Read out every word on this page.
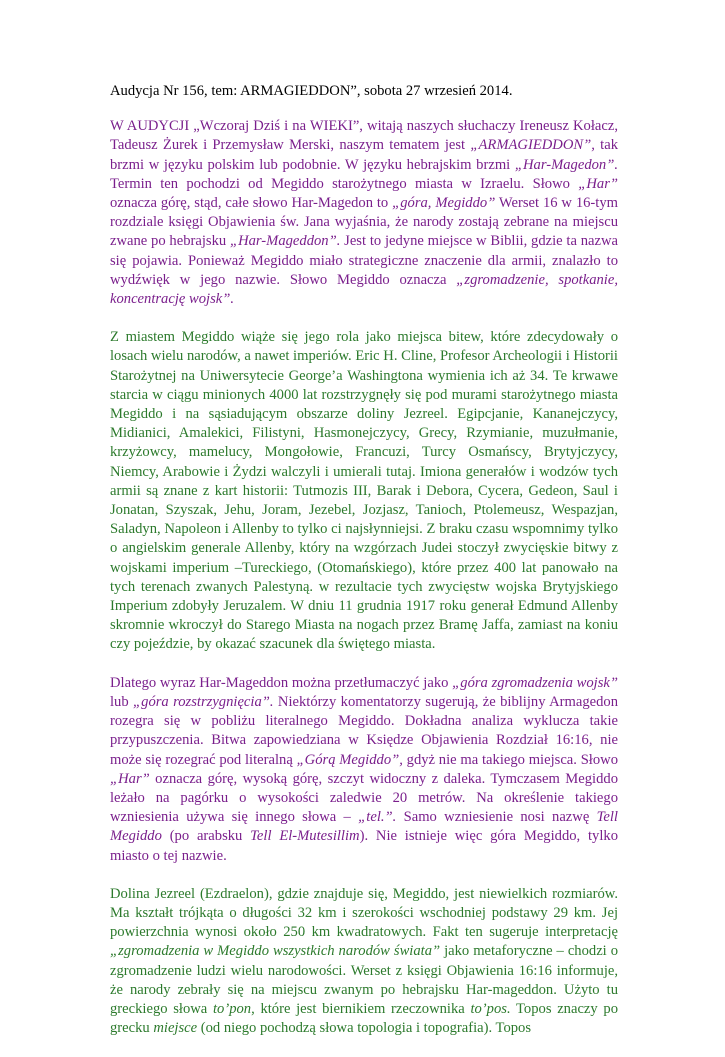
Audycja Nr 156, tem: ARMAGIEDDON”, sobota 27 wrzesień 2014.
W AUDYCJI „Wczoraj Dziś i na WIEKI”, witają naszych słuchaczy Ireneusz Kołacz, Tadeusz Żurek i Przemysław Merski, naszym tematem jest „ARMAGIEDDON”, tak brzmi w języku polskim lub podobnie. W języku hebrajskim brzmi „Har-Magedon”. Termin ten pochodzi od Megiddo starożytnego miasta w Izraelu. Słowo „Har” oznacza górę, stąd, całe słowo Har-Magedon to „góra, Megiddo” Werset 16 w 16-tym rozdziale księgi Objawienia św. Jana wyjaśnia, że narody zostają zebrane na miejscu zwane po hebrajsku „Har-Mageddon”. Jest to jedyne miejsce w Biblii, gdzie ta nazwa się pojawia. Ponieważ Megiddo miało strategiczne znaczenie dla armii, znalazło to wydźwięk w jego nazwie. Słowo Megiddo oznacza „zgromadzenie, spotkanie, koncentrację wojsk”.
Z miastem Megiddo wiąże się jego rola jako miejsca bitew, które zdecydowały o losach wielu narodów, a nawet imperiów. Eric H. Cline, Profesor Archeologii i Historii Starożytnej na Uniwersytecie George’a Washingtona wymienia ich aż 34. Te krwawe starcia w ciągu minionych 4000 lat rozstrzygnęły się pod murami starożytnego miasta Megiddo i na sąsiadującym obszarze doliny Jezreel. Egipcjanie, Kananejczycy, Midianici, Amalekici, Filistyni, Hasmonejczycy, Grecy, Rzymianie, muzułmanie, krzyżowcy, mamelucy, Mongołowie, Francuzi, Turcy Osmańscy, Brytyjczycy, Niemcy, Arabowie i Żydzi walczyli i umierali tutaj. Imiona generałów i wodzów tych armii są znane z kart historii: Tutmozis III, Barak i Debora, Cycera, Gedeon, Saul i Jonatan, Szyszak, Jehu, Joram, Jezebel, Jozjasz, Tanioch, Ptolemeusz, Wespazjan, Saladyn, Napoleon i Allenby to tylko ci najsłynniejsi. Z braku czasu wspomnimy tylko o angielskim generale Allenby, który na wzgórzach Judei stoczył zwycięskie bitwy z wojskami imperium –Tureckiego, (Otomańskiego), które przez 400 lat panowało na tych terenach zwanych Palestyną. w rezultacie tych zwycięstw wojska Brytyjskiego Imperium zdobyły Jeruzalem. W dniu 11 grudnia 1917 roku generał Edmund Allenby skromnie wkroczył do Starego Miasta na nogach przez Bramę Jaffa, zamiast na koniu czy pojeździe, by okazać szacunek dla świętego miasta.
Dlatego wyraz Har-Mageddon można przetłumaczyć jako „góra zgromadzenia wojsk” lub „góra rozstrzygnięcia”. Niektórzy komentatorzy sugerują, że biblijny Armagedon rozegra się w pobliżu literalnego Megiddo. Dokładna analiza wyklucza takie przypuszczenia. Bitwa zapowiedziana w Księdze Objawienia Rozdział 16:16, nie może się rozegrać pod literalną „Górą Megiddo”, gdyż nie ma takiego miejsca. Słowo „Har” oznacza górę, wysoką górę, szczyt widoczny z daleka. Tymczasem Megiddo leżało na pagórku o wysokości zaledwie 20 metrów. Na określenie takiego wzniesienia używa się innego słowa – „tel.”. Samo wzniesienie nosi nazwę Tell Megiddo (po arabsku Tell El-Mutesillim). Nie istnieje więc góra Megiddo, tylko miasto o tej nazwie.
Dolina Jezreel (Ezdraelon), gdzie znajduje się, Megiddo, jest niewielkich rozmiarów. Ma kształt trójkąta o długości 32 km i szerokości wschodniej podstawy 29 km. Jej powierzchnia wynosi około 250 km kwadratowych. Fakt ten sugeruje interpretację „zgromadzenia w Megiddo wszystkich narodów świata” jako metaforyczne – chodzi o zgromadzenie ludzi wielu narodowości. Werset z księgi Objawienia 16:16 informuje, że narody zebrały się na miejscu zwanym po hebrajsku Har-mageddon. Użyto tu greckiego słowa to’pon, które jest biernikiem rzeczownika to’pos. Topos znaczy po grecku miejsce (od niego pochodzą słowa topologia i topografia). Topos
